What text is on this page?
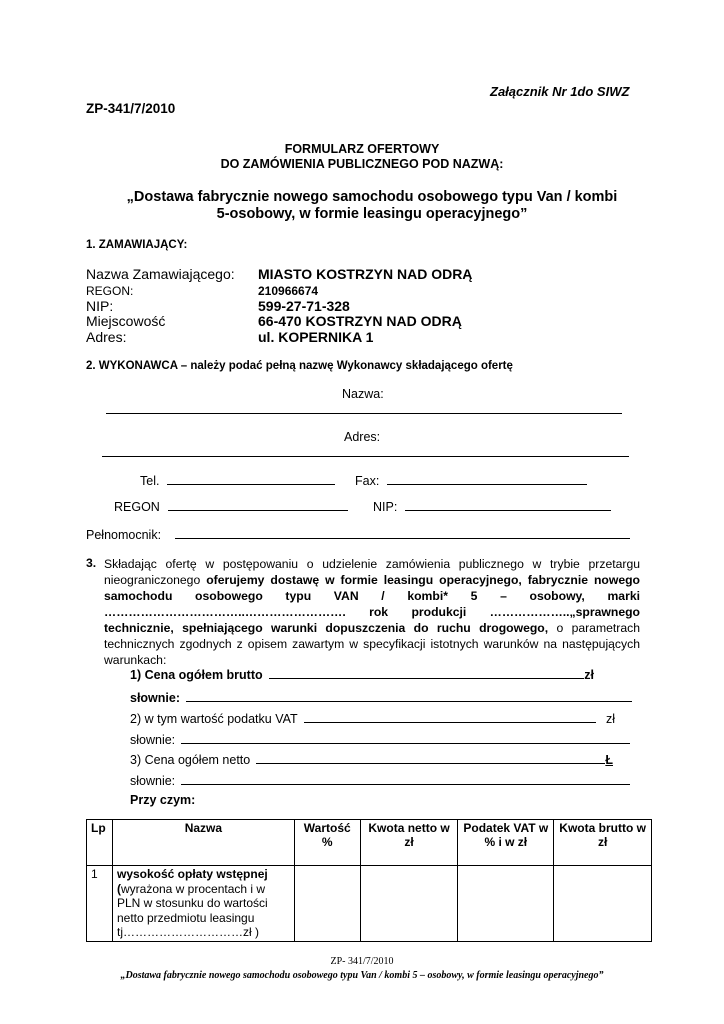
Załącznik Nr 1do SIWZ
ZP-341/7/2010
FORMULARZ OFERTOWY
DO ZAMÓWIENIA PUBLICZNEGO POD NAZWĄ:
„Dostawa fabrycznie nowego samochodu osobowego typu Van / kombi
5-osobowy, w formie leasingu operacyjnego”
1. ZAMAWIAJĄCY:
Nazwa Zamawiającego: MIASTO KOSTRZYN NAD ODRĄ
REGON:	210966674
NIP:	599-27-71-328
Miejscowość	66-470 KOSTRZYN NAD ODRĄ
Adres:	ul. KOPERNIKA 1
2. WYKONAWCA – należy podać pełną nazwę Wykonawcy składającego ofertę
Nazwa:
Adres:
Tel.	Fax:
REGON	NIP:
Pełnomocnik:
3. Składając ofertę w postępowaniu o udzielenie zamówienia publicznego w trybie przetargu
nieograniczonego oferujemy dostawę w formie leasingu operacyjnego, fabrycznie nowego
samochodu osobowego typu VAN / kombi* 5 – osobowy, marki
……………………………..……………………. rok produkcji ………………..„sprawnego
technicznie, spełniającego warunki dopuszczenia do ruchu drogowego, o parametrach
technicznych zgodnych z opisem zawartym w specyfikacji istotnych warunków na następujących
warunkach:
1) Cena ogółem brutto	zł
słownie:
2) w tym wartość podatku VAT	zł
słownie:
3) Cena ogółem netto	Ł
słownie:
Przy czym:
Lp	Nazwa	Wartość %	Kwota netto w zł	Podatek VAT w % i w zł	Kwota brutto w zł
1	wysokość opłaty wstępnej
(wyrażona w procentach i w PLN w stosunku do wartości netto przedmiotu leasingu tj…………………………zł )				
ZP- 341/7/2010
„Dostawa fabrycznie nowego samochodu osobowego typu Van / kombi 5 – osobowy, w formie leasingu operacyjnego”
